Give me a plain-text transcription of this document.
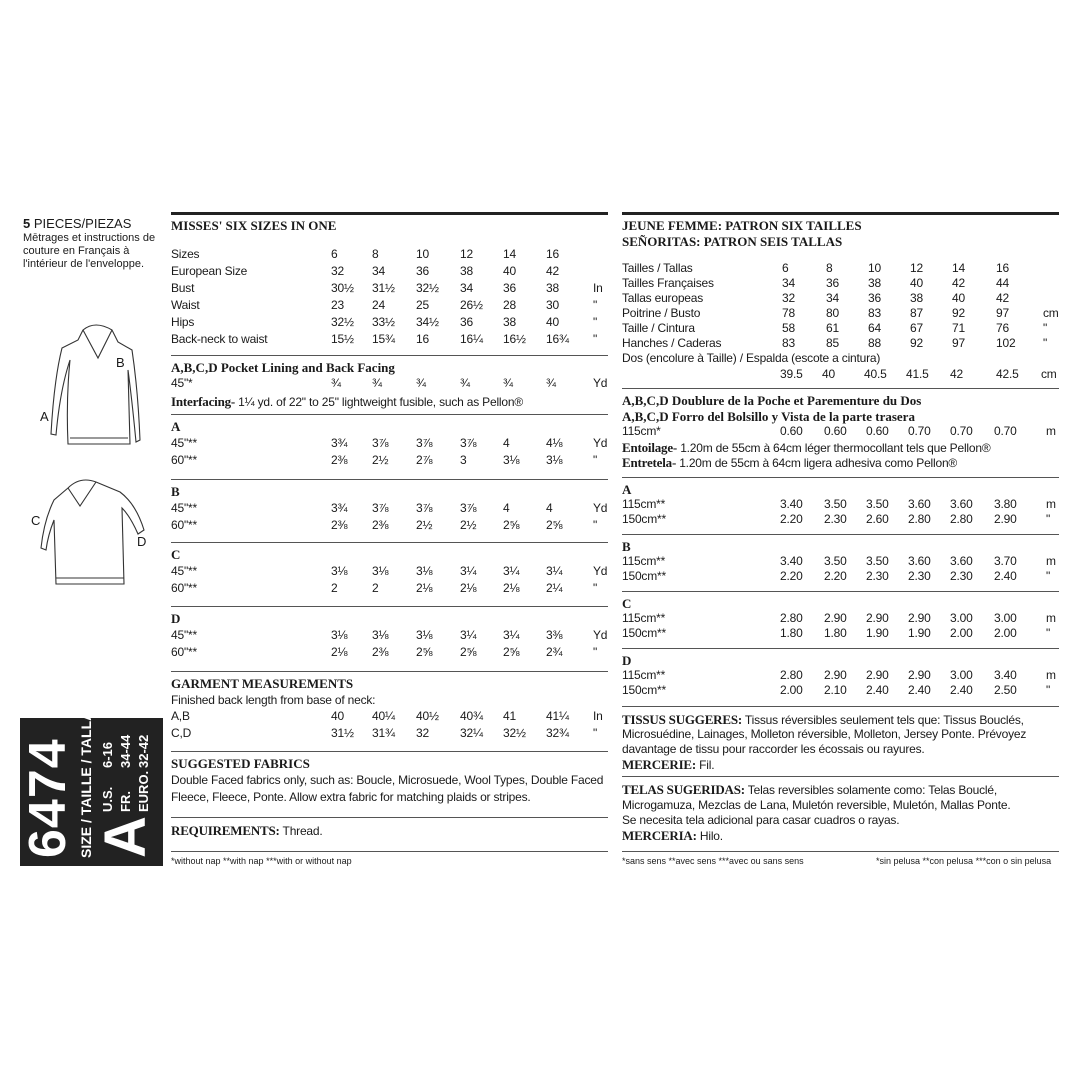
5 PIECES/PIEZAS
Mētrages et instructions de couture en Français à l'intérieur de l'enveloppe.
B
A
C
D
6474 SIZE / TAILLE / TALLA A
U.S.6-16
FR.34-44
EURO.32-42
MISSES' SIX SIZES IN ONE
Sizes	6	8	10	12	14	16
European Size	32 34	36	38	40	42
Bust	30½ 31½ 32½ 34	36	38	In
Waist	23 24	25	26½ 28	30	"
Hips	32½ 33½ 34½ 36	38	40	"
Back-neck to waist	15½ 15¾ 16	16¼ 16½ 16¾ "
A,B,C,D Pocket Lining and Back Facing
45"*	¾	¾	¾	¾	¾	¾	Yd
Interfacing- 1¼ yd. of 22" to 25" lightweight fusible, such as Pellon®
A
45"**	3¾ 3⅞ 3⅞ 3⅞ 4	4⅛	Yd
60"**	2⅜ 2½ 2⅞ 3	3⅛ 3⅛	"
B
45"**	3¾ 3⅞ 3⅞ 3⅞ 4	4	Yd
60"**	2⅜ 2⅜ 2½ 2½ 2⅝ 2⅝	"
C
45"**	3⅛ 3⅛ 3⅛ 3¼ 3¼ 3¼	Yd
60"**	2	2	2⅛ 2⅛ 2⅛ 2¼	"
D
45"**	3⅛ 3⅛ 3⅛ 3¼ 3¼ 3⅜	Yd
60"**	2⅛ 2⅜ 2⅝ 2⅝ 2⅝ 2¾	"
GARMENT MEASUREMENTS
Finished back length from base of neck:
A,B	40 40¼ 40½ 40¾ 41	41¼ In
C,D	31½ 31¾ 32	32¼ 32½ 32¾ "
SUGGESTED FABRICS
Double Faced fabrics only, such as: Boucle, Microsuede, Wool Types, Double Faced
Fleece, Fleece, Ponte. Allow extra fabric for matching plaids or stripes.
REQUIREMENTS: Thread.
*without nap **with nap ***with or without nap
JEUNE FEMME: PATRON SIX TAILLES
SEÑORITAS: PATRON SEIS TALLAS
Tailles / Tallas	6	8	10 12 14	16
Tailles Françaises	34	36 38 40 42	44
Tallas europeas	32	34 36 38 40	42
Poitrine / Busto	78	80 83 87 92	97	cm
Taille / Cintura	58	61 64 67 71	76	"
Hanches / Caderas	83	85 88 92 97	102 "
Dos (encolure à Taille) / Espalda (escote a cintura)
39.5 40 40.5 41.5 42	42.5 cm
A,B,C,D Doublure de la Poche et Parementure du Dos
A,B,C,D Forro del Bolsillo y Vista de la parte trasera
115cm*	0.60 0.60 0.60 0.70 0.70 0.70 m
Entoilage- 1.20m de 55cm à 64cm léger thermocollant tels que Pellon®
Entretela- 1.20m de 55cm à 64cm ligera adhesiva como Pellon®
A
115cm**	3.40 3.50 3.50 3.60 3.60 3.80 m
150cm**	2.20 2.30 2.60 2.80 2.80 2.90 "
B
115cm**	3.40 3.50 3.50 3.60 3.60 3.70 m
150cm**	2.20 2.20 2.30 2.30 2.30 2.40 "
C
115cm**	2.80 2.90 2.90 2.90 3.00 3.00 m
150cm**	1.80 1.80 1.90 1.90 2.00 2.00 "
D
115cm**	2.80 2.90 2.90 2.90 3.00 3.40 m
150cm**	2.00 2.10 2.40 2.40 2.40 2.50 "
TISSUS SUGGERES: Tissus réversibles seulement tels que: Tissus Bouclés,
Microsuédine, Lainages, Molleton réversible, Molleton, Jersey Ponte. Prévoyez
davantage de tissu pour raccorder les écossais ou rayures.
MERCERIE: Fil.
TELAS SUGERIDAS: Telas reversibles solamente como: Telas Bouclé,
Microgamuza, Mezclas de Lana, Muletón reversible, Muletón, Mallas Ponte.
Se necesita tela adicional para casar cuadros o rayas.
MERCERIA: Hilo.
*sans sens **avec sens ***avec ou sans sens	*sin pelusa **con pelusa ***con o sin pelusa
